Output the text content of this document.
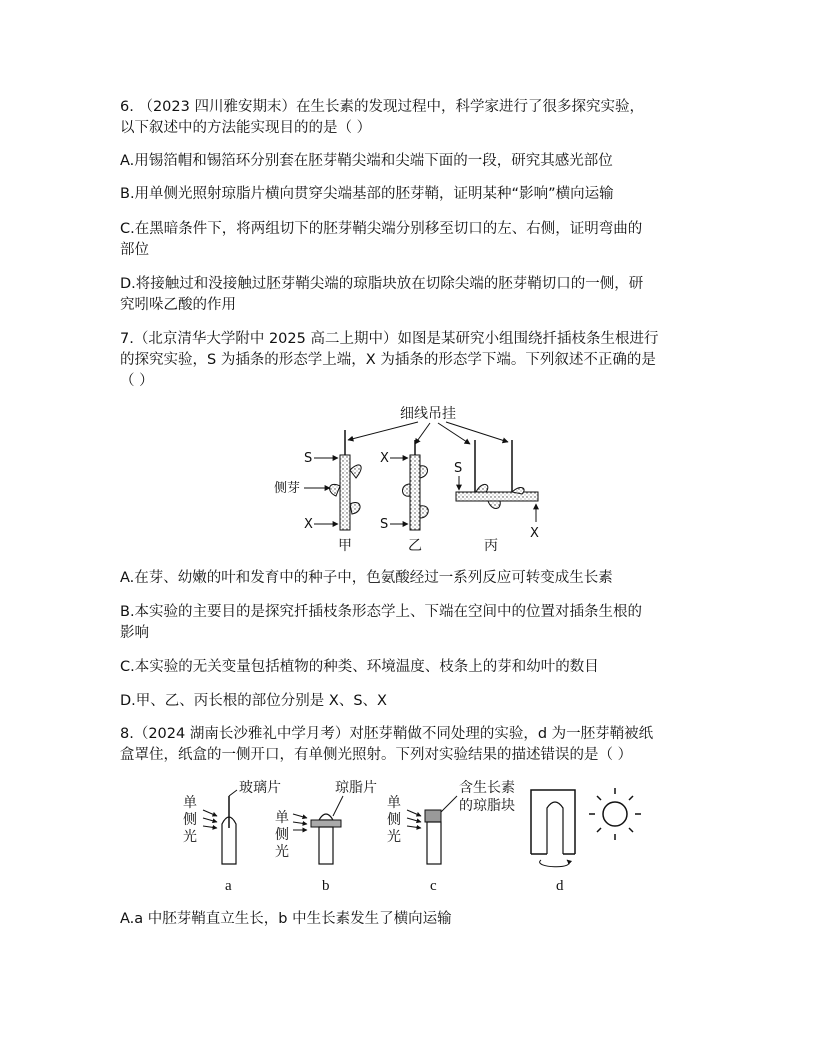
6. （2023 四川雅安期末）在生长素的发现过程中，科学家进行了很多探究实验，
以下叙述中的方法能实现目的的是（ ）
A.用锡箔帽和锡箔环分别套在胚芽鞘尖端和尖端下面的一段，研究其感光部位
B.用单侧光照射琼脂片横向贯穿尖端基部的胚芽鞘，证明某种“影响”横向运输
C.在黑暗条件下，将两组切下的胚芽鞘尖端分别移至切口的左、右侧，证明弯曲的
部位
D.将接触过和没接触过胚芽鞘尖端的琼脂块放在切除尖端的胚芽鞘切口的一侧，研
究吲哚乙酸的作用
7.（北京清华大学附中 2025 高二上期中）如图是某研究小组围绕扦插枝条生根进行
的探究实验，S 为插条的形态学上端，X 为插条的形态学下端。下列叙述不正确的是
（ ）
细线吊挂
S
侧芽
X
甲
X
S
乙
S
X
丙
A.在芽、幼嫩的叶和发育中的种子中，色氨酸经过一系列反应可转变成生长素
B.本实验的主要目的是探究扦插枝条形态学上、下端在空间中的位置对插条生根的
影响
C.本实验的无关变量包括植物的种类、环境温度、枝条上的芽和幼叶的数目
D.甲、乙、丙长根的部位分别是 X、S、X
8.（2024 湖南长沙雅礼中学月考）对胚芽鞘做不同处理的实验，d 为一胚芽鞘被纸
盒罩住，纸盒的一侧开口，有单侧光照射。下列对实验结果的描述错误的是（ ）
单
侧
光
玻璃片
a
单
侧
光
琼脂片
b
单
侧
光
含生长素
的琼脂块
c	d
A.a 中胚芽鞘直立生长，b 中生长素发生了横向运输
